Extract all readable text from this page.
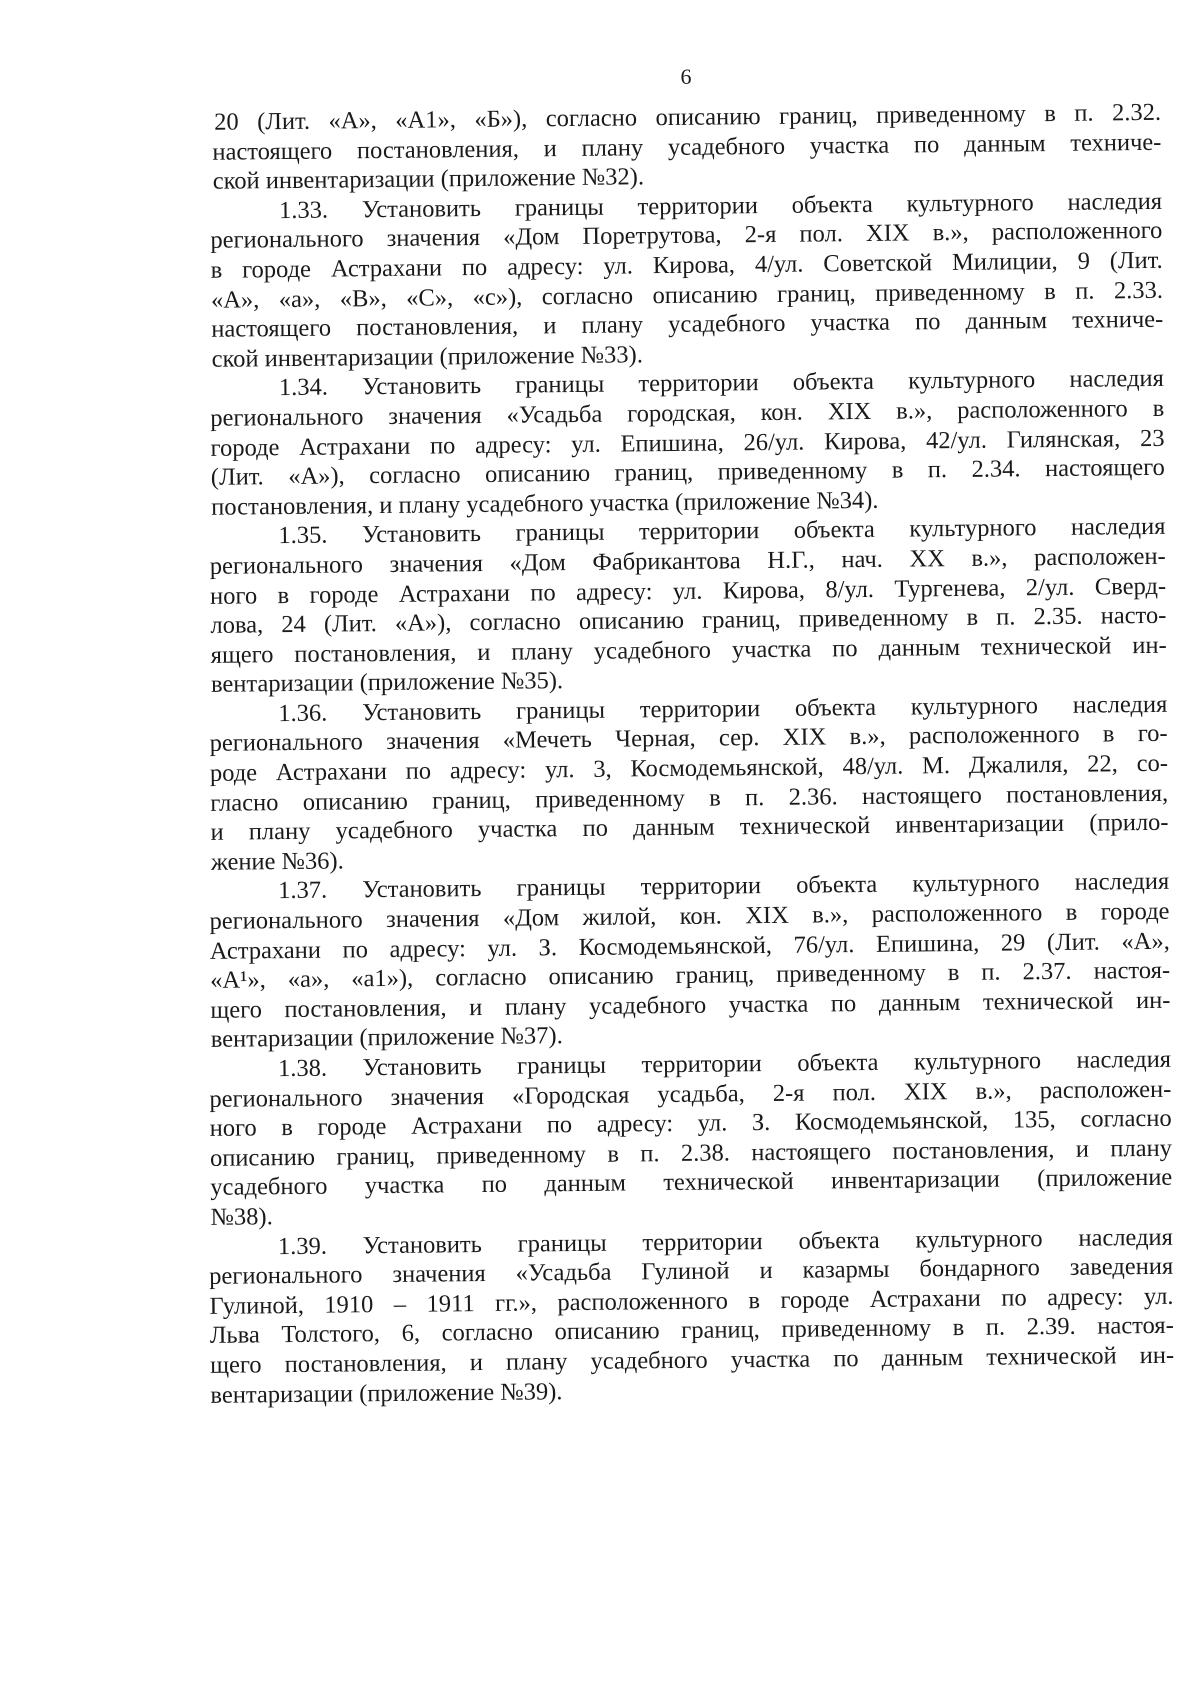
6
20 (Лит. «А», «А1», «Б»), согласно описанию границ, приведенному в п. 2.32.
настоящего постановления, и плану усадебного участка по данным техниче-
ской инвентаризации (приложение №32).
1.33. Установить границы территории объекта культурного наследия
регионального значения «Дом Поретрутова, 2-я пол. XIX в.», расположенного
в городе Астрахани по адресу: ул. Кирова, 4/ул. Советской Милиции, 9 (Лит.
«А», «а», «В», «С», «с»), согласно описанию границ, приведенному в п. 2.33.
настоящего постановления, и плану усадебного участка по данным техниче-
ской инвентаризации (приложение №33).
1.34. Установить границы территории объекта культурного наследия
регионального значения «Усадьба городская, кон. XIX в.», расположенного в
городе Астрахани по адресу: ул. Епишина, 26/ул. Кирова, 42/ул. Гилянская, 23
(Лит. «А»), согласно описанию границ, приведенному в п. 2.34. настоящего
постановления, и плану усадебного участка (приложение №34).
1.35. Установить границы территории объекта культурного наследия
регионального значения «Дом Фабрикантова Н.Г., нач. XX в.», расположен-
ного в городе Астрахани по адресу: ул. Кирова, 8/ул. Тургенева, 2/ул. Сверд-
лова, 24 (Лит. «А»), согласно описанию границ, приведенному в п. 2.35. насто-
ящего постановления, и плану усадебного участка по данным технической ин-
вентаризации (приложение №35).
1.36. Установить границы территории объекта культурного наследия
регионального значения «Мечеть Черная, сер. XIX в.», расположенного в го-
роде Астрахани по адресу: ул. 3, Космодемьянской, 48/ул. М. Джалиля, 22, со-
гласно описанию границ, приведенному в п. 2.36. настоящего постановления,
и плану усадебного участка по данным технической инвентаризации (прило-
жение №36).
1.37. Установить границы территории объекта культурного наследия
регионального значения «Дом жилой, кон. XIX в.», расположенного в городе
Астрахани по адресу: ул. З. Космодемьянской, 76/ул. Епишина, 29 (Лит. «А»,
«А¹», «а», «а1»), согласно описанию границ, приведенному в п. 2.37. настоя-
щего постановления, и плану усадебного участка по данным технической ин-
вентаризации (приложение №37).
1.38. Установить границы территории объекта культурного наследия
регионального значения «Городская усадьба, 2-я пол. XIX в.», расположен-
ного в городе Астрахани по адресу: ул. З. Космодемьянской, 135, согласно
описанию границ, приведенному в п. 2.38. настоящего постановления, и плану
усадебного участка по данным технической инвентаризации (приложение
№38).
1.39. Установить границы территории объекта культурного наследия
регионального значения «Усадьба Гулиной и казармы бондарного заведения
Гулиной, 1910 – 1911 гг.», расположенного в городе Астрахани по адресу: ул.
Льва Толстого, 6, согласно описанию границ, приведенному в п. 2.39. настоя-
щего постановления, и плану усадебного участка по данным технической ин-
вентаризации (приложение №39).
